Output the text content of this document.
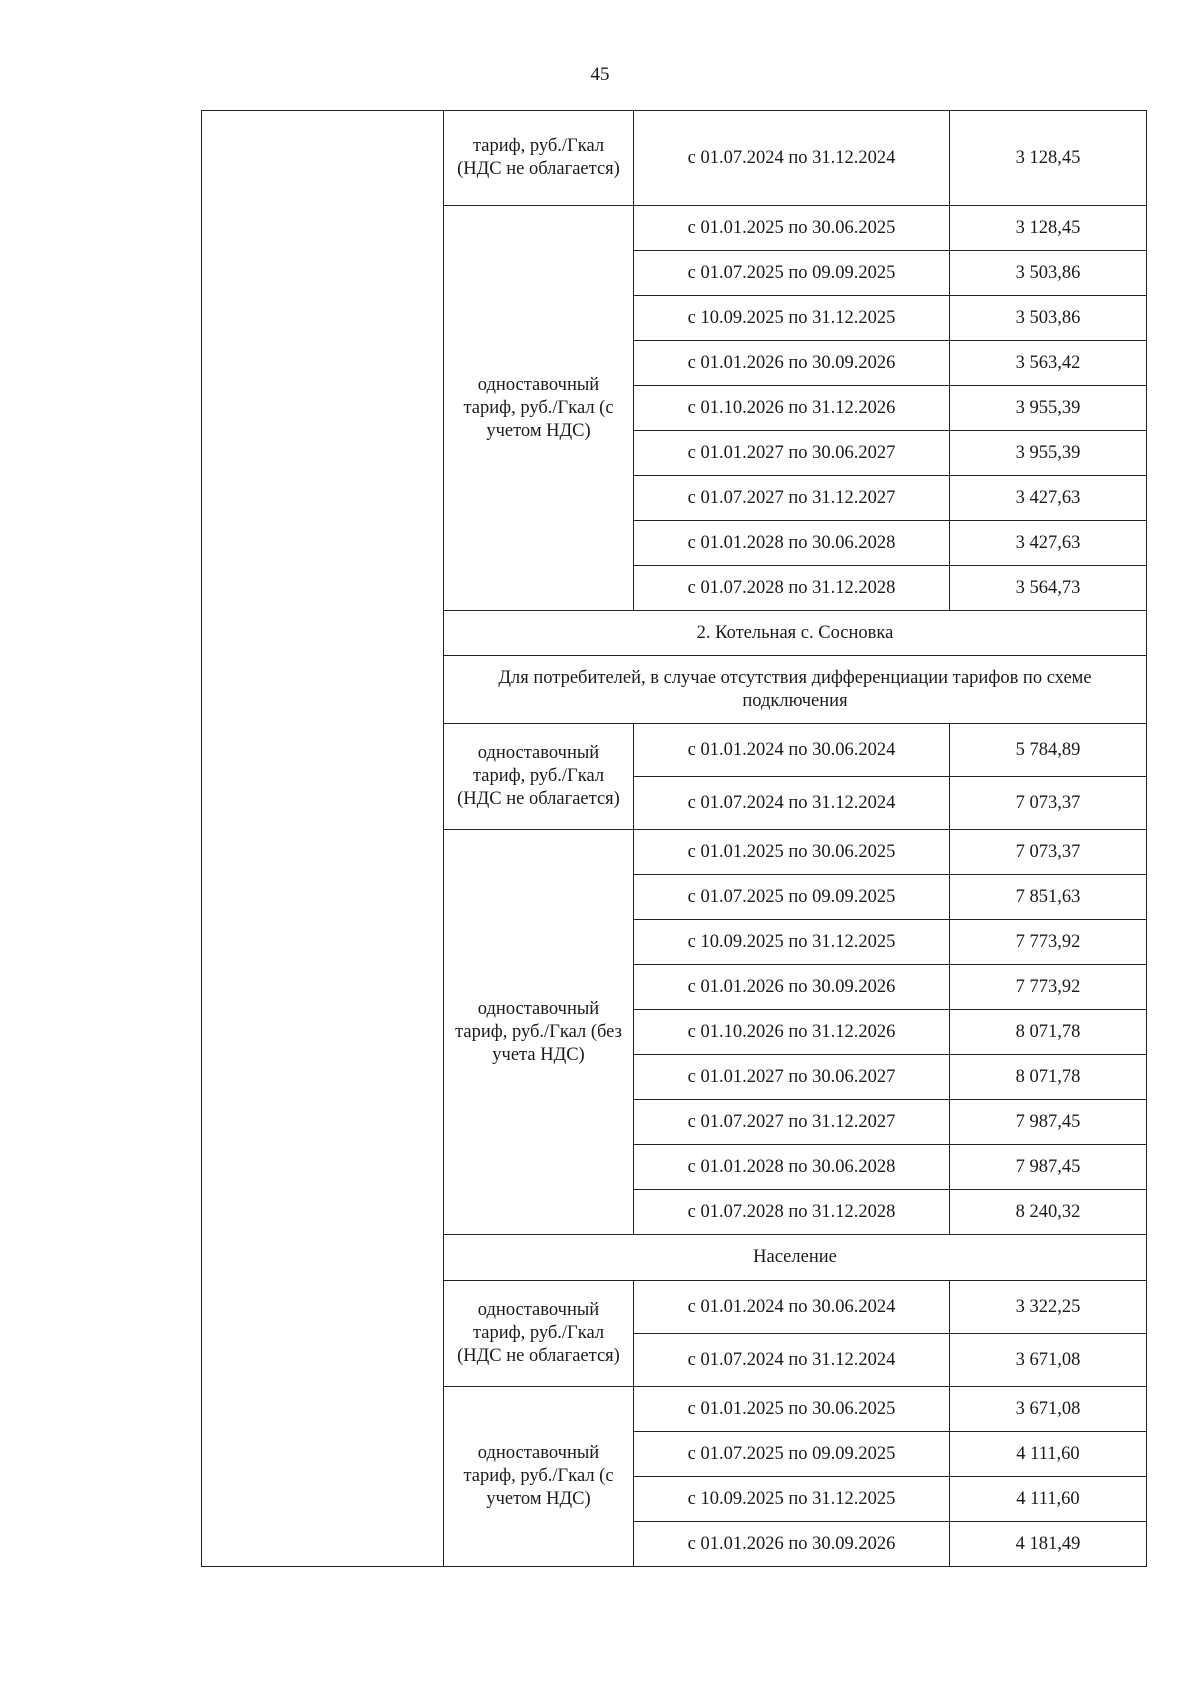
45
	тариф, руб./Гкал (НДС не облагается)	с 01.07.2024 по 31.12.2024	3 128,45
	одноставочный тариф, руб./Гкал (с учетом НДС)	с 01.01.2025 по 30.06.2025	3 128,45
		с 01.07.2025 по 09.09.2025	3 503,86
		с 10.09.2025 по 31.12.2025	3 503,86
		с 01.01.2026 по 30.09.2026	3 563,42
		с 01.10.2026 по 31.12.2026	3 955,39
		с 01.01.2027 по 30.06.2027	3 955,39
		с 01.07.2027 по 31.12.2027	3 427,63
		с 01.01.2028 по 30.06.2028	3 427,63
		с 01.07.2028 по 31.12.2028	3 564,73
	2. Котельная с. Сосновка		
	Для потребителей, в случае отсутствия дифференциации тарифов по схеме подключения		
	одноставочный тариф, руб./Гкал (НДС не облагается)	с 01.01.2024 по 30.06.2024	5 784,89
		с 01.07.2024 по 31.12.2024	7 073,37
	одноставочный тариф, руб./Гкал (без учета НДС)	с 01.01.2025 по 30.06.2025	7 073,37
		с 01.07.2025 по 09.09.2025	7 851,63
		с 10.09.2025 по 31.12.2025	7 773,92
		с 01.01.2026 по 30.09.2026	7 773,92
		с 01.10.2026 по 31.12.2026	8 071,78
		с 01.01.2027 по 30.06.2027	8 071,78
		с 01.07.2027 по 31.12.2027	7 987,45
		с 01.01.2028 по 30.06.2028	7 987,45
		с 01.07.2028 по 31.12.2028	8 240,32
	Население		
	одноставочный тариф, руб./Гкал (НДС не облагается)	с 01.01.2024 по 30.06.2024	3 322,25
		с 01.07.2024 по 31.12.2024	3 671,08
	одноставочный тариф, руб./Гкал (с учетом НДС)	с 01.01.2025 по 30.06.2025	3 671,08
		с 01.07.2025 по 09.09.2025	4 111,60
		с 10.09.2025 по 31.12.2025	4 111,60
		с 01.01.2026 по 30.09.2026	4 181,49
